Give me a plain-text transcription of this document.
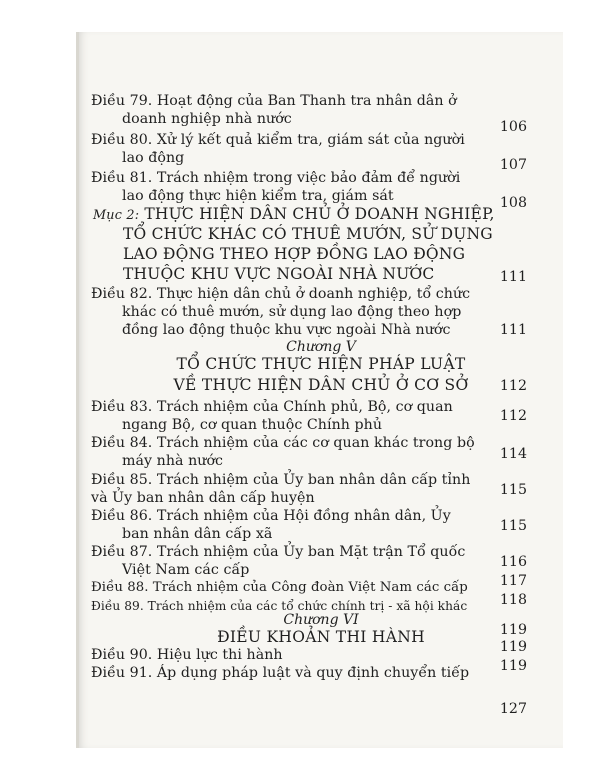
Điều 79. Hoạt động của Ban Thanh tra nhân dân ở
doanh nghiệp nhà nước	106
Điều 80. Xử lý kết quả kiểm tra, giám sát của người
lao động	107
Điều 81. Trách nhiệm trong việc bảo đảm để người
lao động thực hiện kiểm tra, giám sát	108
Mục 2: THỰC HIỆN DÂN CHỦ Ở DOANH NGHIỆP,
TỔ CHỨC KHÁC CÓ THUÊ MƯỚN, SỬ DỤNG
LAO ĐỘNG THEO HỢP ĐỒNG LAO ĐỘNG
THUỘC KHU VỰC NGOÀI NHÀ NƯỚC	111
Điều 82. Thực hiện dân chủ ở doanh nghiệp, tổ chức
khác có thuê mướn, sử dụng lao động theo hợp
đồng lao động thuộc khu vực ngoài Nhà nước	111
Chương V
TỔ CHỨC THỰC HIỆN PHÁP LUẬT
VỀ THỰC HIỆN DÂN CHỦ Ở CƠ SỞ	112
Điều 83. Trách nhiệm của Chính phủ, Bộ, cơ quan
ngang Bộ, cơ quan thuộc Chính phủ
112
Điều 84. Trách nhiệm của các cơ quan khác trong bộ
máy nhà nước	114
Điều 85. Trách nhiệm của Ủy ban nhân dân cấp tỉnh
và Ủy ban nhân dân cấp huyện	115
Điều 86. Trách nhiệm của Hội đồng nhân dân, Ủy
ban nhân dân cấp xã	115
Điều 87. Trách nhiệm của Ủy ban Mặt trận Tổ quốc
Việt Nam các cấp	116
Điều 88. Trách nhiệm của Công đoàn Việt Nam các cấp	117
Điều 89. Trách nhiệm của các tổ chức chính trị - xã hội khác	118
Chương VI
ĐIỀU KHOẢN THI HÀNH	119
Điều 90. Hiệu lực thi hành	119
Điều 91. Áp dụng pháp luật và quy định chuyển tiếp	119
127
